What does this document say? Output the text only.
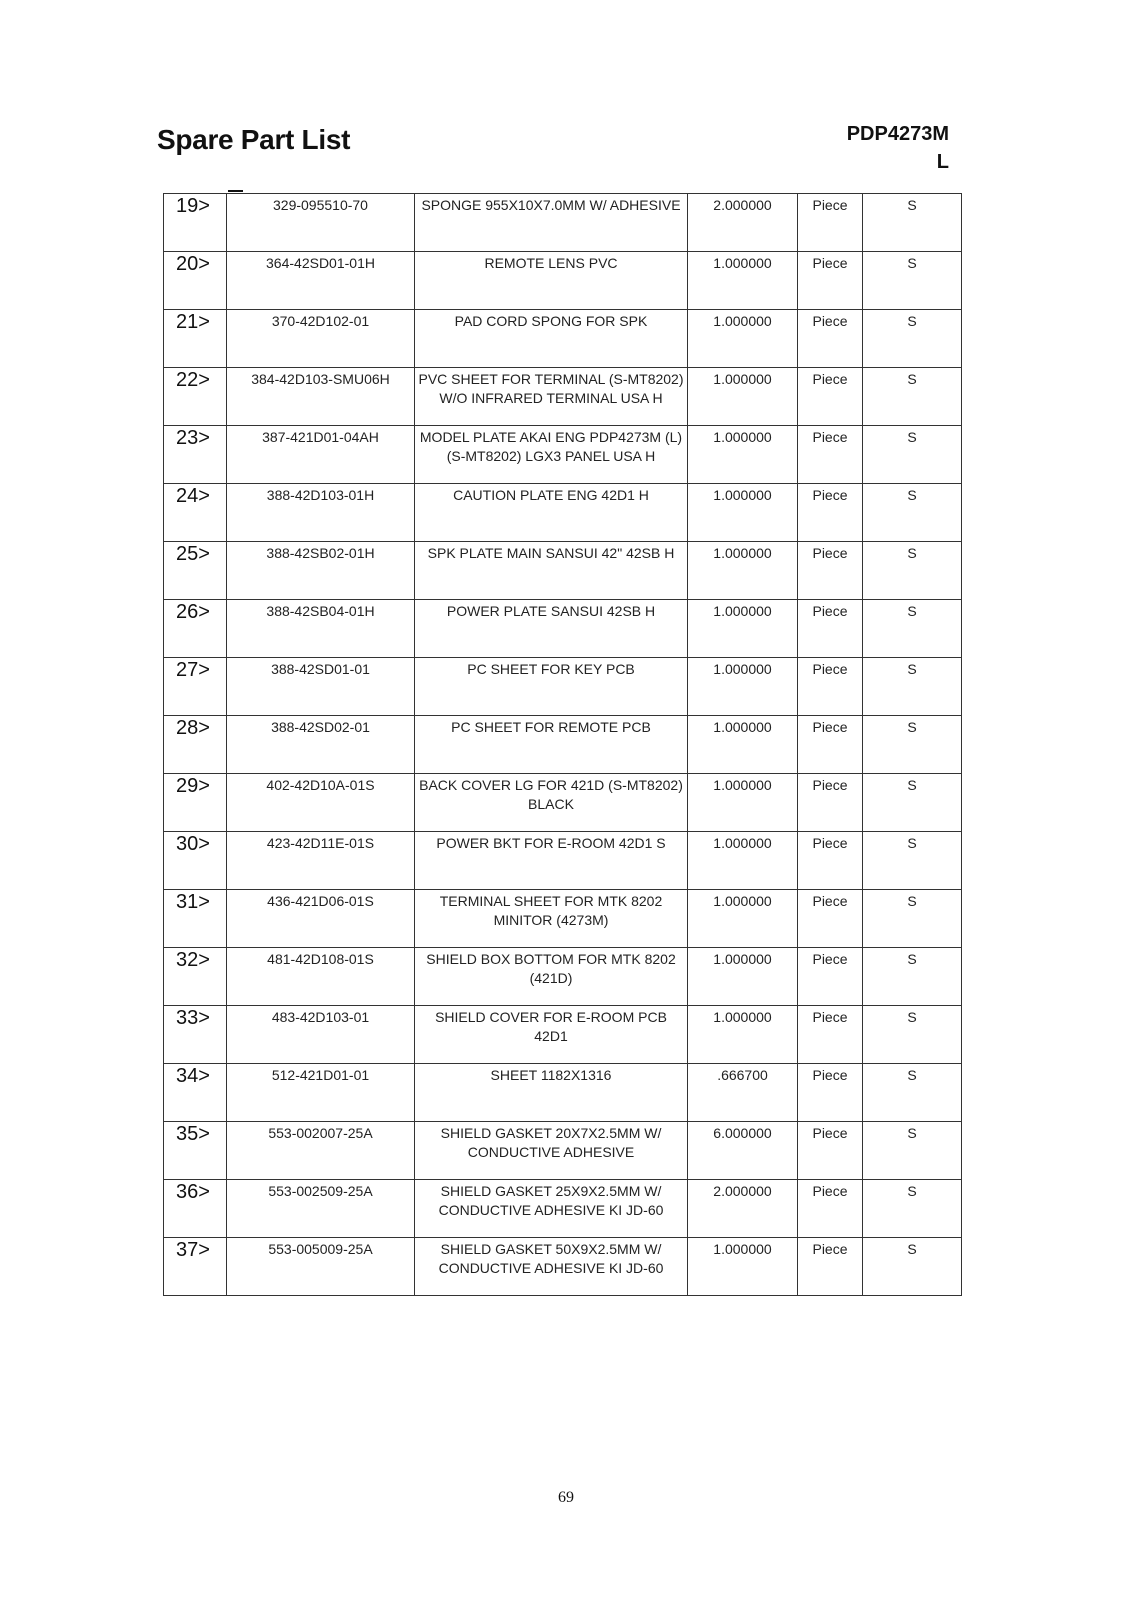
Spare Part List	PDP4273M
L
19>	329-095510-70	SPONGE 955X10X7.0MM W/ ADHESIVE	2.000000	Piece	S
20>	364-42SD01-01H	REMOTE LENS PVC	1.000000	Piece	S
21>	370-42D102-01	PAD CORD SPONG FOR SPK	1.000000	Piece	S
22>	384-42D103-SMU06H	PVC SHEET FOR TERMINAL (S-MT8202) W/O INFRARED TERMINAL USA H	1.000000	Piece	S
23>	387-421D01-04AH	MODEL PLATE AKAI ENG PDP4273M (L) (S-MT8202) LGX3 PANEL USA H	1.000000	Piece	S
24>	388-42D103-01H	CAUTION PLATE ENG 42D1 H	1.000000	Piece	S
25>	388-42SB02-01H	SPK PLATE MAIN SANSUI 42" 42SB H	1.000000	Piece	S
26>	388-42SB04-01H	POWER PLATE SANSUI 42SB H	1.000000	Piece	S
27>	388-42SD01-01	PC SHEET FOR KEY PCB	1.000000	Piece	S
28>	388-42SD02-01	PC SHEET FOR REMOTE PCB	1.000000	Piece	S
29>	402-42D10A-01S	BACK COVER LG FOR 421D (S-MT8202) BLACK	1.000000	Piece	S
30>	423-42D11E-01S	POWER BKT FOR E-ROOM 42D1 S	1.000000	Piece	S
31>	436-421D06-01S	TERMINAL SHEET FOR MTK 8202 MINITOR (4273M)	1.000000	Piece	S
32>	481-42D108-01S	SHIELD BOX BOTTOM FOR MTK 8202 (421D)	1.000000	Piece	S
33>	483-42D103-01	SHIELD COVER FOR E-ROOM PCB 42D1	1.000000	Piece	S
34>	512-421D01-01	SHEET 1182X1316	.666700	Piece	S
35>	553-002007-25A	SHIELD GASKET 20X7X2.5MM W/ CONDUCTIVE ADHESIVE	6.000000	Piece	S
36>	553-002509-25A	SHIELD GASKET 25X9X2.5MM W/ CONDUCTIVE ADHESIVE KI JD-60	2.000000	Piece	S
37>	553-005009-25A	SHIELD GASKET 50X9X2.5MM W/ CONDUCTIVE ADHESIVE KI JD-60	1.000000	Piece	S
69
